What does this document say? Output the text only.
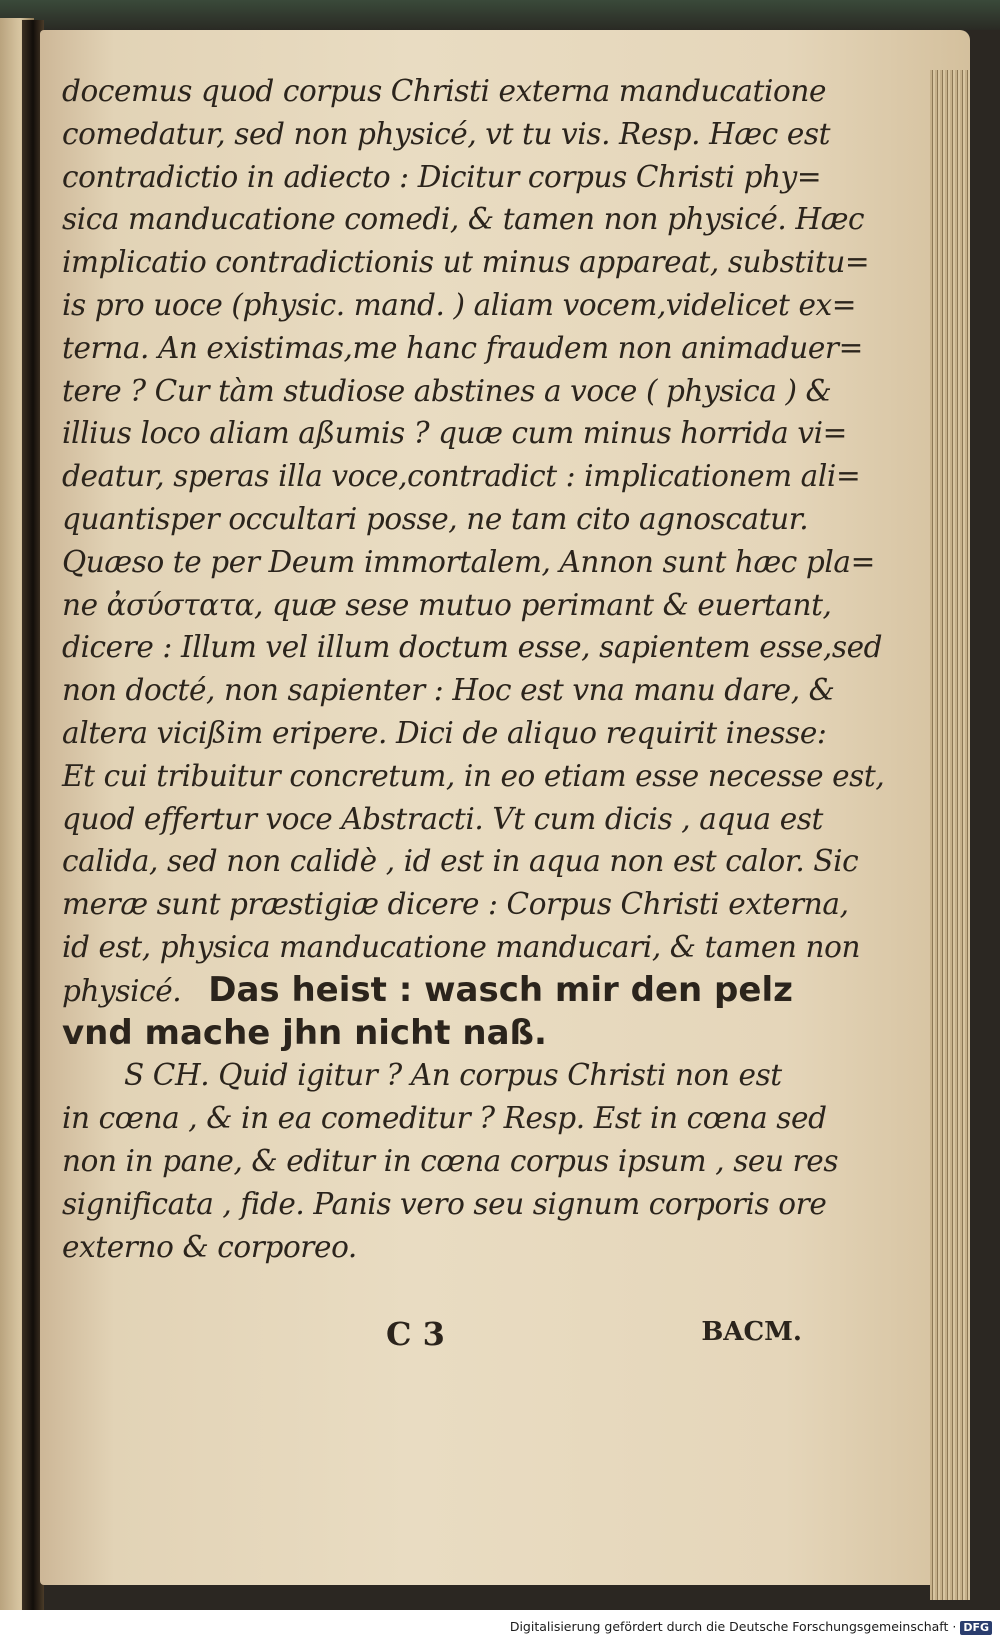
docemus quod corpus Christi externa manducatione
comedatur, sed non physicé, vt tu vis. Resp. Hæc est
contradictio in adiecto : Dicitur corpus Christi phy=
sica manducatione comedi, & tamen non physicé. Hæc
implicatio contradictionis ut minus appareat, substitu=
is pro uoce (physic. mand. ) aliam vocem,videlicet ex=
terna. An existimas,me hanc fraudem non animaduer=
tere ? Cur tàm studiose abstines a voce ( physica ) &
illius loco aliam aßumis ? quæ cum minus horrida vi=
deatur, speras illa voce,contradict : implicationem ali=
quantisper occultari posse, ne tam cito agnoscatur.
Quæso te per Deum immortalem, Annon sunt hæc pla=
ne ἀσύστατα, quæ sese mutuo perimant & euertant,
dicere : Illum vel illum doctum esse, sapientem esse,sed
non docté, non sapienter : Hoc est vna manu dare, &
altera vicißim eripere. Dici de aliquo requirit inesse:
Et cui tribuitur concretum, in eo etiam esse necesse est,
quod effertur voce Abstracti. Vt cum dicis , aqua est
calida, sed non calidè , id est in aqua non est calor. Sic
meræ sunt præstigiæ dicere : Corpus Christi externa,
id est, physica manducatione manducari, & tamen non
physicé. Das heist : wasch mir den pelz
vnd mache jhn nicht naß.
S CH. Quid igitur ? An corpus Christi non est
in cœna , & in ea comeditur ? Resp. Est in cœna sed
non in pane, & editur in cœna corpus ipsum , seu res
significata , fide. Panis vero seu signum corporis ore
externo & corporeo.
C 3	BACM.
Digitalisierung gefördert durch die Deutsche Forschungsgemeinschaft · DFG
